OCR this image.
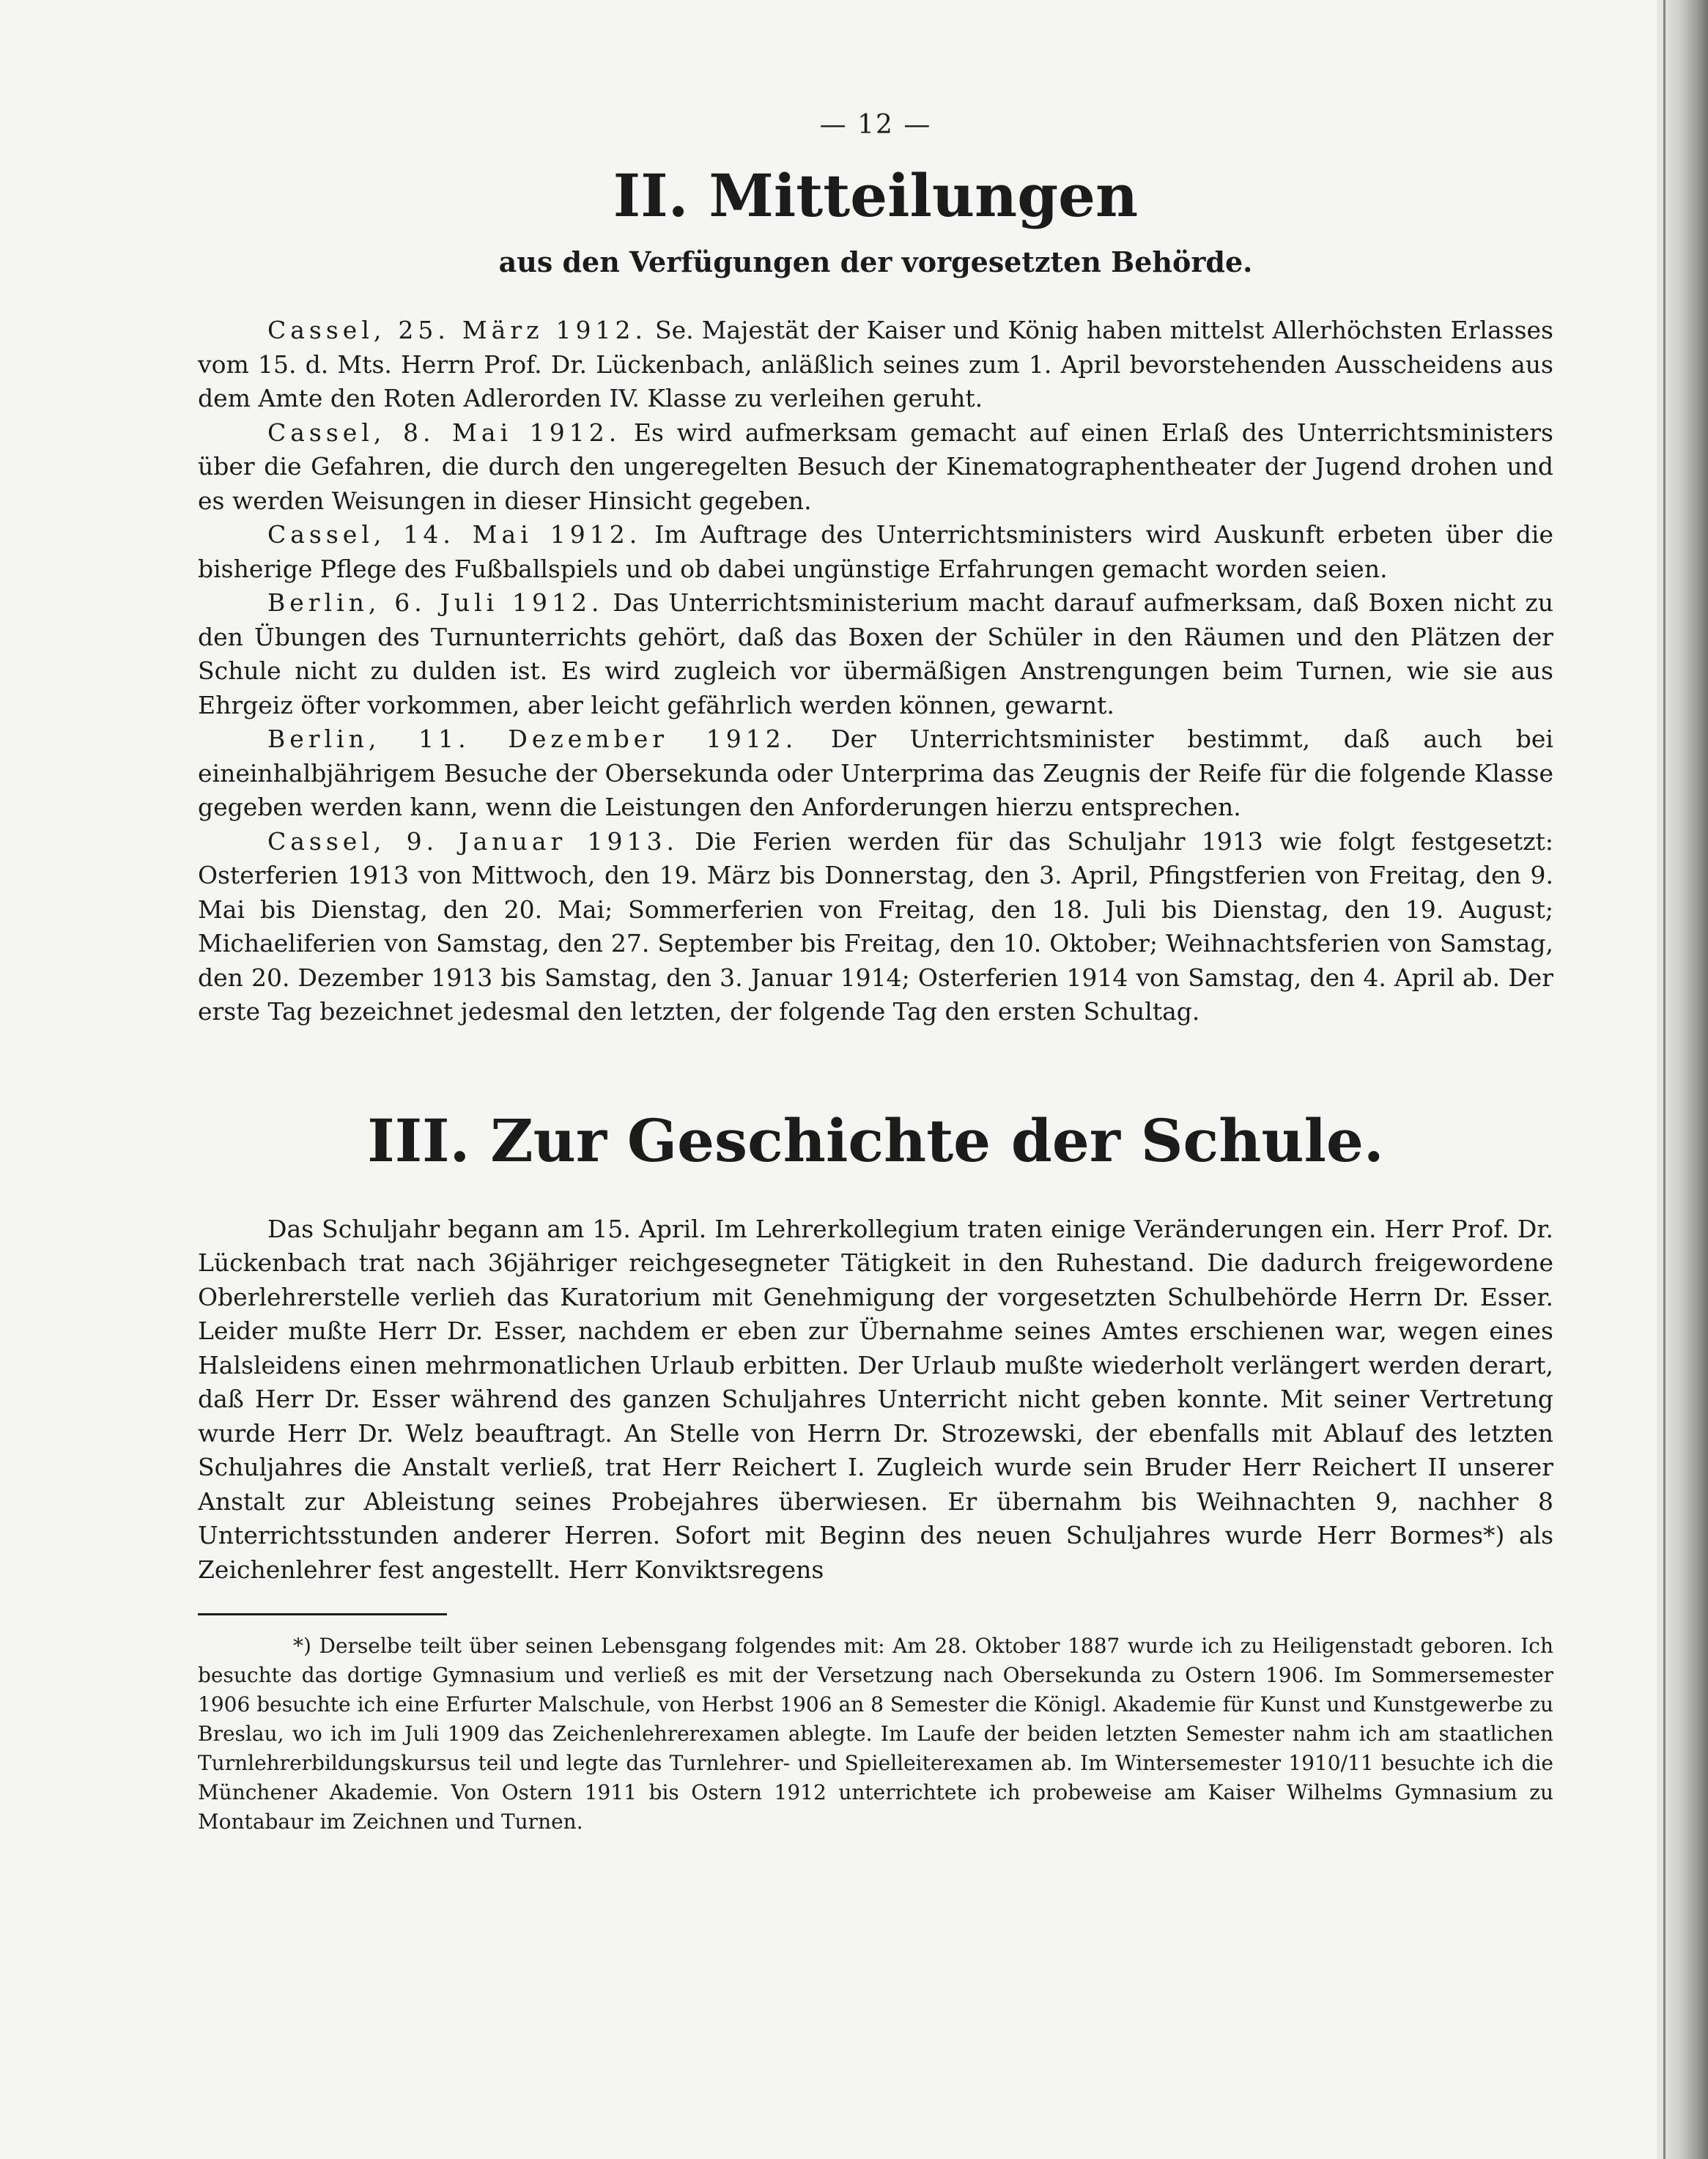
— 12 —
II. Mitteilungen
aus den Verfügungen der vorgesetzten Behörde.

Cassel, 25. März 1912. Se. Majestät der Kaiser und König haben mittelst Allerhöchsten Erlasses vom 15. d. Mts. Herrn Prof. Dr. Lückenbach, anläßlich seines zum 1. April bevorstehenden Ausscheidens aus dem Amte den Roten Adlerorden IV. Klasse zu verleihen geruht.

Cassel, 8. Mai 1912. Es wird aufmerksam gemacht auf einen Erlaß des Unterrichtsministers über die Gefahren, die durch den ungeregelten Besuch der Kinematographentheater der Jugend drohen und es werden Weisungen in dieser Hinsicht gegeben.

Cassel, 14. Mai 1912. Im Auftrage des Unterrichtsministers wird Auskunft erbeten über die bisherige Pflege des Fußballspiels und ob dabei ungünstige Erfahrungen gemacht worden seien.

Berlin, 6. Juli 1912. Das Unterrichtsministerium macht darauf aufmerksam, daß Boxen nicht zu den Übungen des Turnunterrichts gehört, daß das Boxen der Schüler in den Räumen und den Plätzen der Schule nicht zu dulden ist. Es wird zugleich vor übermäßigen Anstrengungen beim Turnen, wie sie aus Ehrgeiz öfter vorkommen, aber leicht gefährlich werden können, gewarnt.

Berlin, 11. Dezember 1912. Der Unterrichtsminister bestimmt, daß auch bei eineinhalbjährigem Besuche der Obersekunda oder Unterprima das Zeugnis der Reife für die folgende Klasse gegeben werden kann, wenn die Leistungen den Anforderungen hierzu entsprechen.

Cassel, 9. Januar 1913. Die Ferien werden für das Schuljahr 1913 wie folgt festgesetzt: Osterferien 1913 von Mittwoch, den 19. März bis Donnerstag, den 3. April, Pfingstferien von Freitag, den 9. Mai bis Dienstag, den 20. Mai; Sommerferien von Freitag, den 18. Juli bis Dienstag, den 19. August; Michaeliferien von Samstag, den 27. September bis Freitag, den 10. Oktober; Weihnachtsferien von Samstag, den 20. Dezember 1913 bis Samstag, den 3. Januar 1914; Osterferien 1914 von Samstag, den 4. April ab. Der erste Tag bezeichnet jedesmal den letzten, der folgende Tag den ersten Schultag.

III. Zur Geschichte der Schule.

Das Schuljahr begann am 15. April. Im Lehrerkollegium traten einige Veränderungen ein. Herr Prof. Dr. Lückenbach trat nach 36jähriger reichgesegneter Tätigkeit in den Ruhestand. Die dadurch freigewordene Oberlehrerstelle verlieh das Kuratorium mit Genehmigung der vorgesetzten Schulbehörde Herrn Dr. Esser. Leider mußte Herr Dr. Esser, nachdem er eben zur Übernahme seines Amtes erschienen war, wegen eines Halsleidens einen mehrmonatlichen Urlaub erbitten. Der Urlaub mußte wiederholt verlängert werden derart, daß Herr Dr. Esser während des ganzen Schuljahres Unterricht nicht geben konnte. Mit seiner Vertretung wurde Herr Dr. Welz beauftragt. An Stelle von Herrn Dr. Strozewski, der ebenfalls mit Ablauf des letzten Schuljahres die Anstalt verließ, trat Herr Reichert I. Zugleich wurde sein Bruder Herr Reichert II unserer Anstalt zur Ableistung seines Probejahres überwiesen. Er übernahm bis Weihnachten 9, nachher 8 Unterrichtsstunden anderer Herren. Sofort mit Beginn des neuen Schuljahres wurde Herr Bormes*) als Zeichenlehrer fest angestellt. Herr Konviktsregens

*) Derselbe teilt über seinen Lebensgang folgendes mit: Am 28. Oktober 1887 wurde ich zu Heiligenstadt geboren. Ich besuchte das dortige Gymnasium und verließ es mit der Versetzung nach Obersekunda zu Ostern 1906. Im Sommersemester 1906 besuchte ich eine Erfurter Malschule, von Herbst 1906 an 8 Semester die Königl. Akademie für Kunst und Kunstgewerbe zu Breslau, wo ich im Juli 1909 das Zeichenlehrerexamen ablegte. Im Laufe der beiden letzten Semester nahm ich am staatlichen Turnlehrerbildungskursus teil und legte das Turnlehrer- und Spielleiterexamen ab. Im Wintersemester 1910/11 besuchte ich die Münchener Akademie. Von Ostern 1911 bis Ostern 1912 unterrichtete ich probeweise am Kaiser Wilhelms Gymnasium zu Montabaur im Zeichnen und Turnen.
